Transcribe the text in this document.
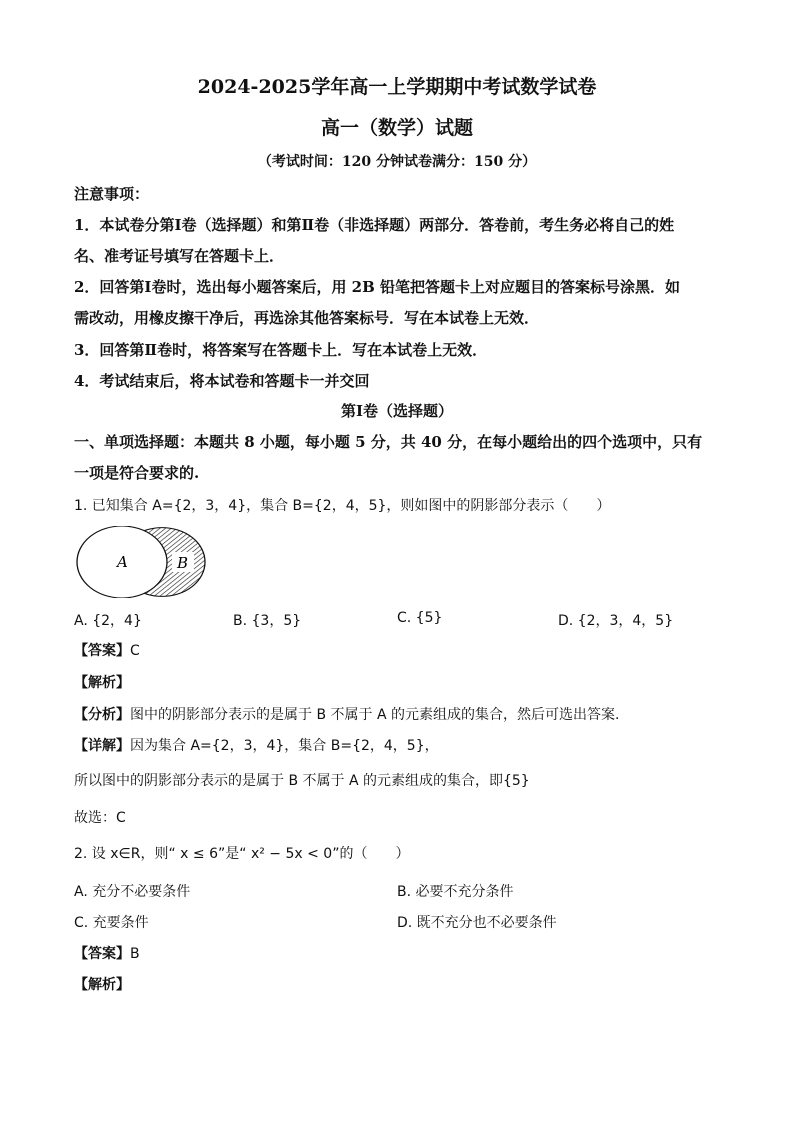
2024-2025学年高一上学期期中考试数学试卷
高一（数学）试题
（考试时间：120 分钟试卷满分：150 分）
注意事项：
1．本试卷分第Ⅰ卷（选择题）和第Ⅱ卷（非选择题）两部分．答卷前，考生务必将自己的姓
名、准考证号填写在答题卡上．
2．回答第Ⅰ卷时，选出每小题答案后，用 2B 铅笔把答题卡上对应题目的答案标号涂黑．如
需改动，用橡皮擦干净后，再选涂其他答案标号．写在本试卷上无效．
3．回答第Ⅱ卷时，将答案写在答题卡上．写在本试卷上无效．
4．考试结束后，将本试卷和答题卡一并交回
第Ⅰ卷（选择题）
一、单项选择题：本题共 8 小题，每小题 5 分，共 40 分，在每小题给出的四个选项中，只有
一项是符合要求的.
1. 已知集合 A={2，3，4}，集合 B={2，4，5}，则如图中的阴影部分表示（　　）
A	B
A. {2，4}	B. {3，5}	C. {5}	D. {2，3，4，5}
【答案】C
【解析】
【分析】图中的阴影部分表示的是属于 B 不属于 A 的元素组成的集合，然后可选出答案.
【详解】因为集合 A={2，3，4}，集合 B={2，4，5}，
所以图中的阴影部分表示的是属于 B 不属于 A 的元素组成的集合，即{5}
故选：C
2. 设 x∈R，则“ x ≤ 6”是“ x² − 5x < 0”的（　　）
A. 充分不必要条件	B. 必要不充分条件
C. 充要条件	D. 既不充分也不必要条件
【答案】B
【解析】
